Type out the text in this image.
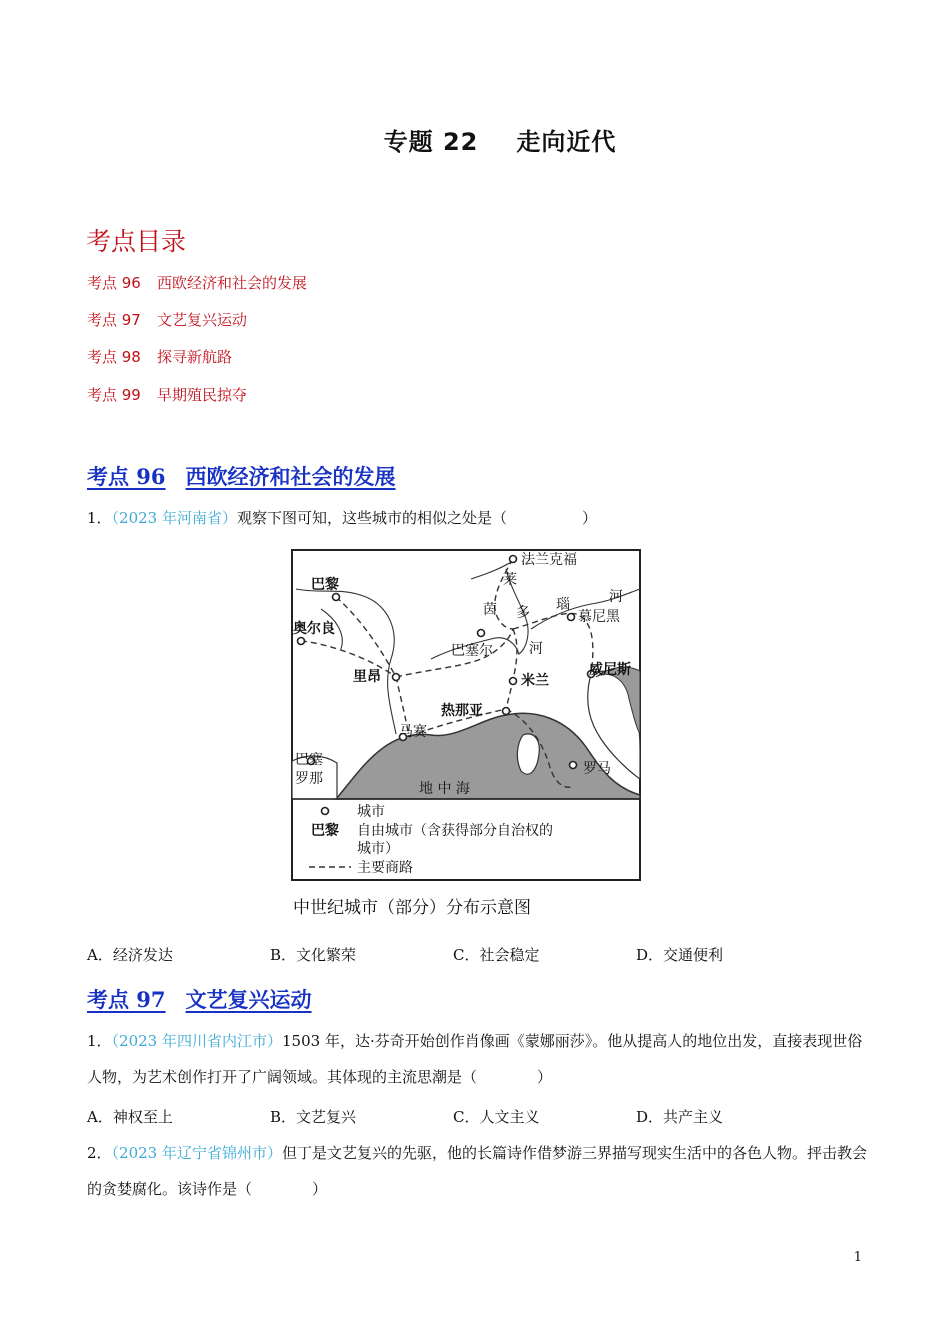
专题 22 走向近代
考点目录
考点 96 西欧经济和社会的发展
考点 97 文艺复兴运动
考点 98 探寻新航路
考点 99 早期殖民掠夺
考点 96 西欧经济和社会的发展
1．（2023 年河南省）观察下图可知，这些城市的相似之处是（　　　　　）
法兰克福
巴黎
奥尔良
慕尼黑
巴塞尔
里昂	米兰
威尼斯
热那亚
马赛
巴塞
罗那
罗马
莱
茵 多 瑙	河
河
地 中 海
城市
巴黎 自由城市（含获得部分自治权的
城市）
主要商路
中世纪城市（部分）分布示意图
A．经济发达	B．文化繁荣	C．社会稳定	D．交通便利
考点 97 文艺复兴运动
1．（2023 年四川省内江市）1503 年，达·芬奇开始创作肖像画《蒙娜丽莎》。他从提高人的地位出发，直接表现世俗人物，为艺术创作打开了广阔领域。其体现的主流思潮是（　　　　）
A．神权至上	B．文艺复兴	C．人文主义	D．共产主义
2．（2023 年辽宁省锦州市）但丁是文艺复兴的先驱，他的长篇诗作借梦游三界描写现实生活中的各色人物。抨击教会的贪婪腐化。该诗作是（　　　　）
1
